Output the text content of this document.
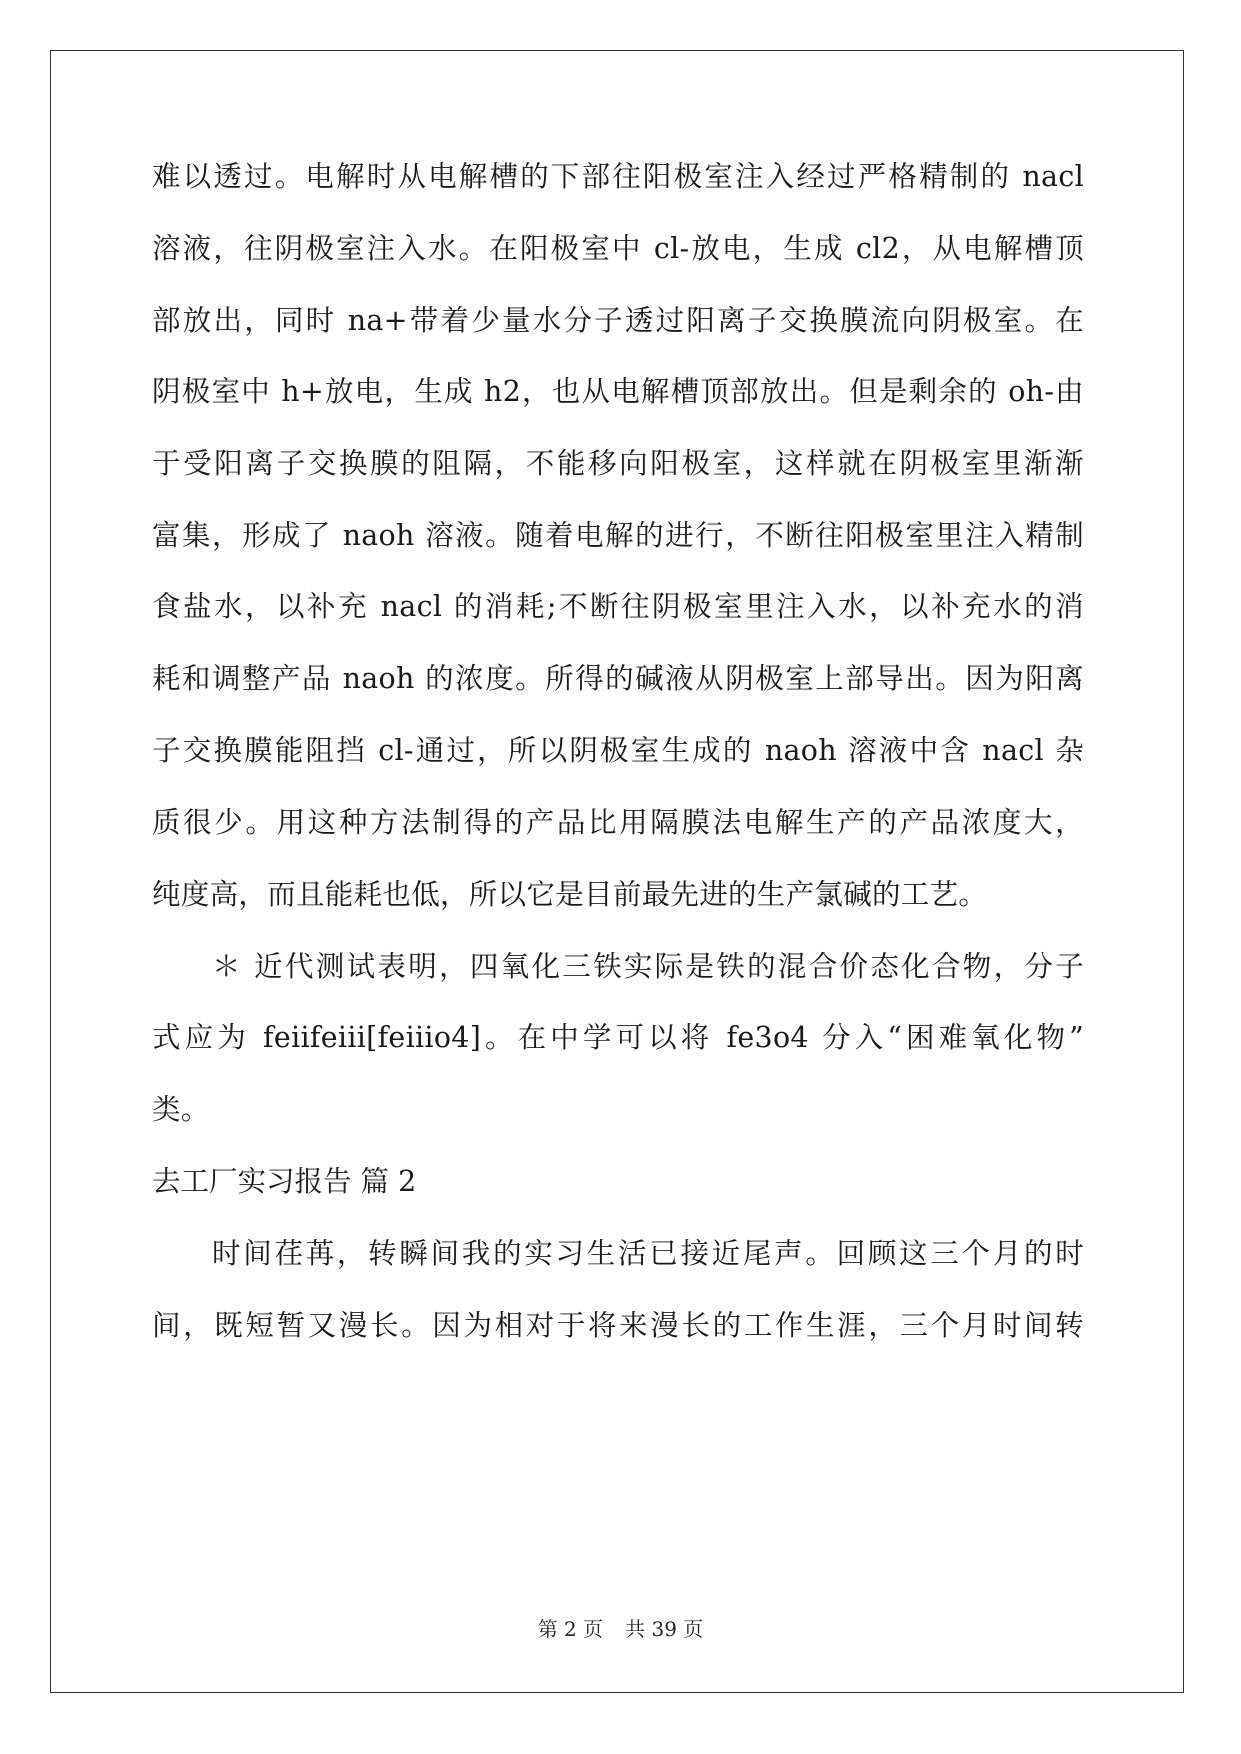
难以透过。电解时从电解槽的下部往阳极室注入经过严格精制的 nacl
溶液，往阴极室注入水。在阳极室中 cl-放电，生成 cl2，从电解槽顶
部放出，同时 na+带着少量水分子透过阳离子交换膜流向阴极室。在
阴极室中 h+放电，生成 h2，也从电解槽顶部放出。但是剩余的 oh-由
于受阳离子交换膜的阻隔，不能移向阳极室，这样就在阴极室里渐渐
富集，形成了 naoh 溶液。随着电解的进行，不断往阳极室里注入精制
食盐水，以补充 nacl 的消耗;不断往阴极室里注入水，以补充水的消
耗和调整产品 naoh 的浓度。所得的碱液从阴极室上部导出。因为阳离
子交换膜能阻挡 cl-通过，所以阴极室生成的 naoh 溶液中含 nacl 杂
质很少。用这种方法制得的产品比用隔膜法电解生产的产品浓度大，
纯度高，而且能耗也低，所以它是目前最先进的生产氯碱的工艺。
＊ 近代测试表明，四氧化三铁实际是铁的混合价态化合物，分子
式应为 feiifeiii[feiiio4]。在中学可以将 fe3o4 分入“困难氧化物”
类。
去工厂实习报告 篇 2
时间荏苒，转瞬间我的实习生活已接近尾声。回顾这三个月的时
间，既短暂又漫长。因为相对于将来漫长的工作生涯，三个月时间转
第 2 页 共 39 页
